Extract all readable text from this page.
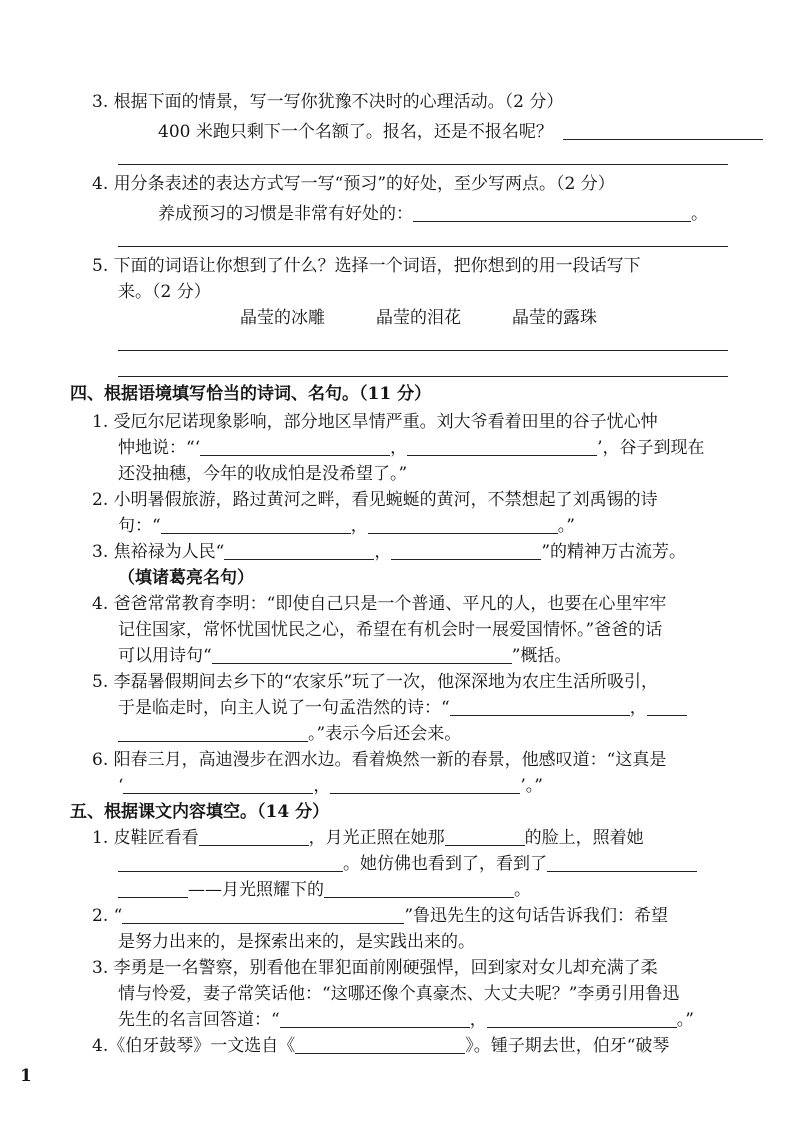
3. 根据下面的情景，写一写你犹豫不决时的心理活动。（2 分）
400 米跑只剩下一个名额了。报名，还是不报名呢？
4. 用分条表述的表达方式写一写“预习”的好处，至少写两点。（2 分）
养成预习的习惯是非常有好处的：	。
5. 下面的词语让你想到了什么？选择一个词语，把你想到的用一段话写下
来。（2 分）
晶莹的冰雕	晶莹的泪花	晶莹的露珠
四、根据语境填写恰当的诗词、名句。（11 分）
1. 受厄尔尼诺现象影响，部分地区旱情严重。刘大爷看着田里的谷子忧心忡
忡地说：“‘	，	’，谷子到现在
还没抽穗，今年的收成怕是没希望了。”
2. 小明暑假旅游，路过黄河之畔，看见蜿蜒的黄河，不禁想起了刘禹锡的诗
句：“	，	。”
3. 焦裕禄为人民“	，	”的精神万古流芳。
（填诸葛亮名句）
4. 爸爸常常教育李明：“即使自己只是一个普通、平凡的人，也要在心里牢牢
记住国家，常怀忧国忧民之心，希望在有机会时一展爱国情怀。”爸爸的话
可以用诗句“	”概括。
5. 李磊暑假期间去乡下的“农家乐”玩了一次，他深深地为农庄生活所吸引，
于是临走时，向主人说了一句孟浩然的诗：“	，
。”表示今后还会来。
6. 阳春三月，高迪漫步在泗水边。看着焕然一新的春景，他感叹道：“这真是
‘	，	’。”
五、根据课文内容填空。（14 分）
1. 皮鞋匠看看	，月光正照在她那	的脸上，照着她
。她仿佛也看到了，看到了
——月光照耀下的	。
2. “	”鲁迅先生的这句话告诉我们：希望
是努力出来的，是探索出来的，是实践出来的。
3. 李勇是一名警察，别看他在罪犯面前刚硬强悍，回到家对女儿却充满了柔
情与怜爱，妻子常笑话他：“这哪还像个真豪杰、大丈夫呢？”李勇引用鲁迅
先生的名言回答道：“	，	。”
4.《伯牙鼓琴》一文选自《	》。锺子期去世，伯牙“破琴
1
